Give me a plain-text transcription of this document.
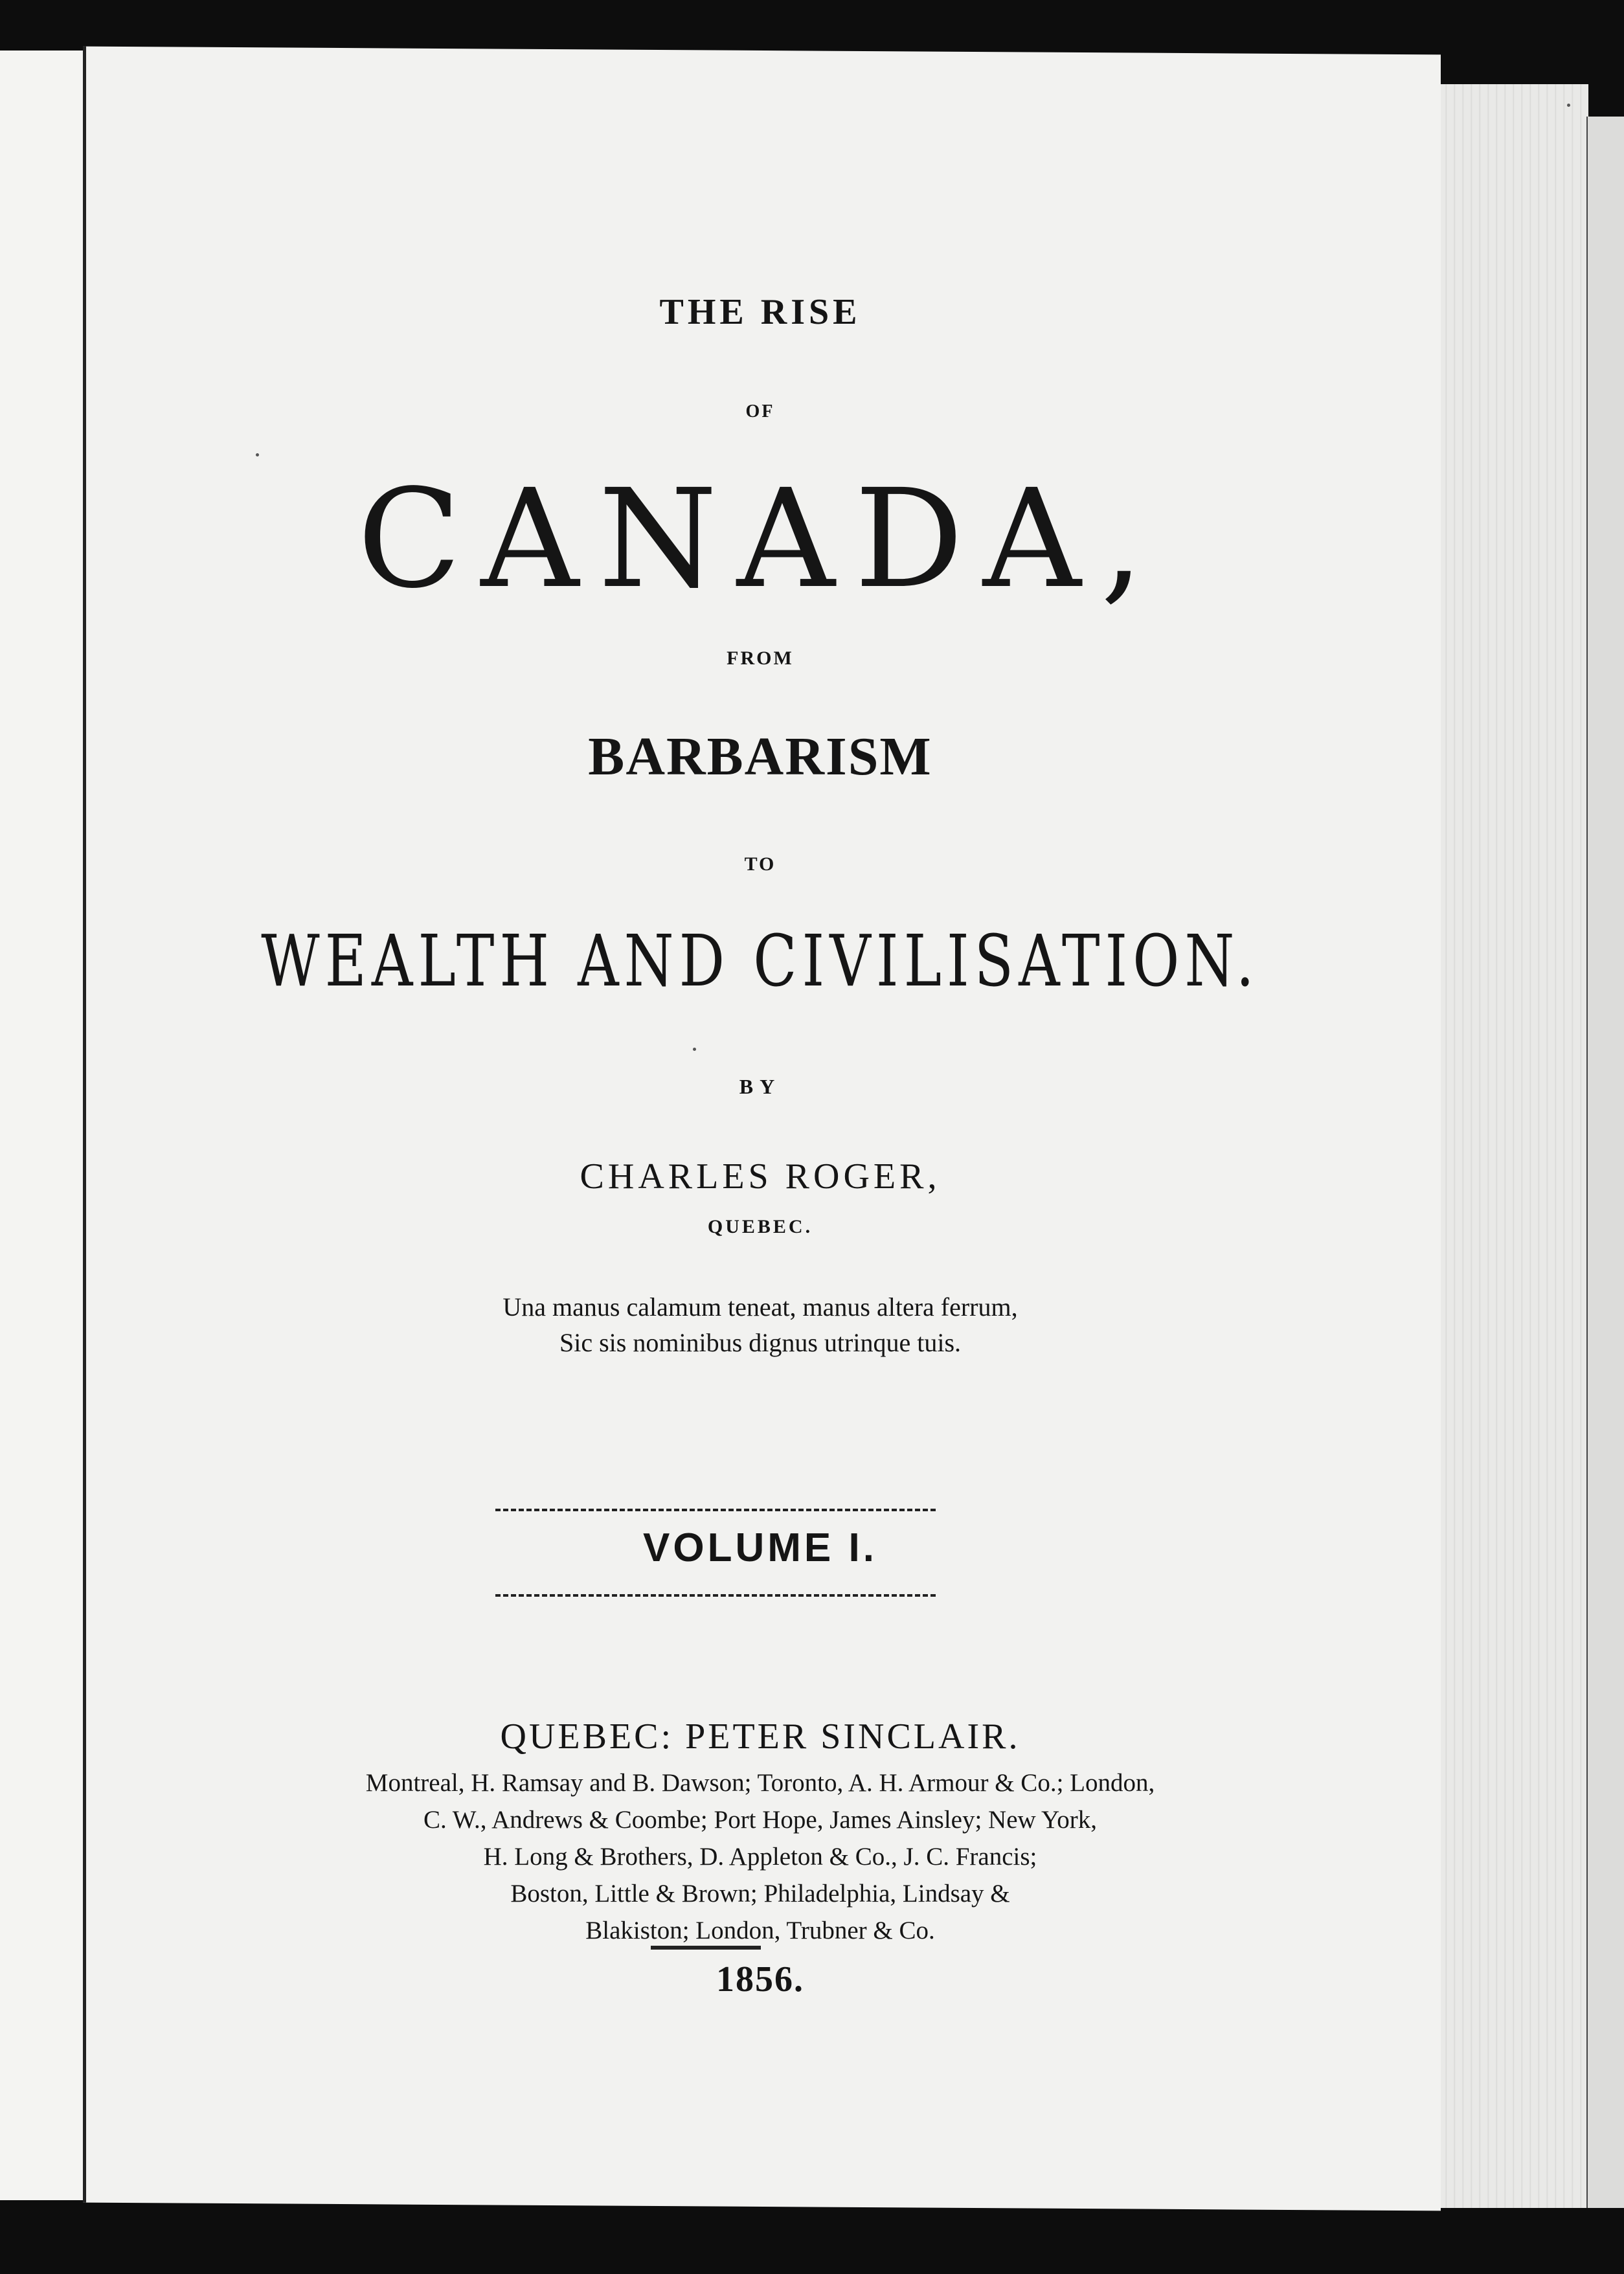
THE RISE
OF
CANADA,
FROM
BARBARISM
TO
WEALTH AND CIVILISATION.
BY
CHARLES ROGER,
QUEBEC.
Una manus calamum teneat, manus altera ferrum,
Sic sis nominibus dignus utrinque tuis.
VOLUME I.
QUEBEC: PETER SINCLAIR.
Montreal, H. Ramsay and B. Dawson; Toronto, A. H. Armour & Co.; London,
C. W., Andrews & Coombe; Port Hope, James Ainsley; New York,
H. Long & Brothers, D. Appleton & Co., J. C. Francis;
Boston, Little & Brown; Philadelphia, Lindsay &
Blakiston; London, Trubner & Co.
1856.
